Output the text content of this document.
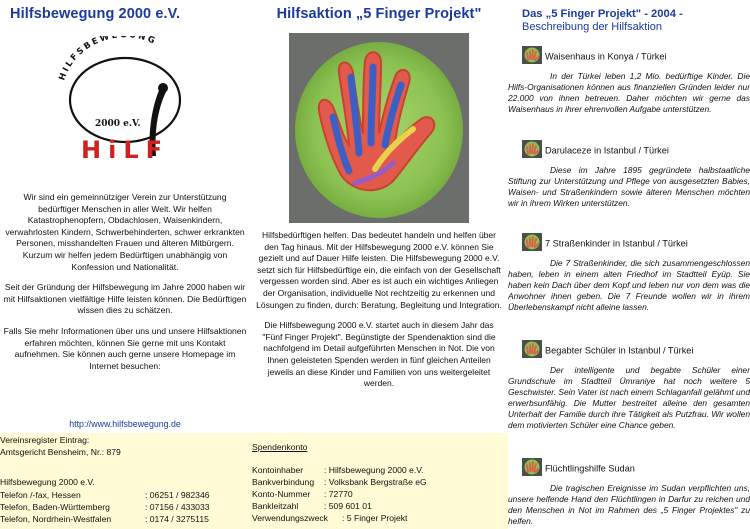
Hilfsbewegung 2000 e.V.
HILFSBEW NG
2000 e.V.
HiLF

Wir sind ein gemeinnütziger Verein zur Unterstützung bedürftiger Menschen in aller Welt. Wir helfen Katastrophenopfern, Obdachlosen, Waisenkindern, verwahrlosten Kindern, Schwerbehinderten, schwer erkrankten Personen, misshandelten Frauen und älteren Mitbürgern. Kurzum wir helfen jedem Bedürftigen unabhängig von Konfession und Nationalität.

Seit der Gründung der Hilfsbewegung im Jahre 2000 haben wir mit Hilfsaktionen vielfältige Hilfe leisten können. Die Bedürftigen wissen dies zu schätzen.

Falls Sie mehr Informationen über uns und unsere Hilfsaktionen erfahren möchten, können Sie gerne mit uns Kontakt aufnehmen. Sie können auch gerne unsere Homepage im Internet besuchen:

http://www.hilfsbewegung.de
Vereinsregister Eintrag:
Amtsgericht Bensheim, Nr.: 879
Hilfsbewegung 2000 e.V.
Telefon /-fax, Hessen	: 06251 / 982346
Telefon, Baden-Württemberg	: 07156 / 433033
Telefon, Nordrhein-Westfalen	: 0174 / 3275115
Hilfsaktion „5 Finger Projekt"

Hilfsbedürftigen helfen. Das bedeutet handeln und helfen über den Tag hinaus. Mit der Hilfsbewegung 2000 e.V. können Sie gezielt und auf Dauer Hilfe leisten. Die Hilfsbewegung 2000 e.V. setzt sich für Hilfsbedürftige ein, die einfach von der Gesellschaft vergessen worden sind. Aber es ist auch ein wichtiges Anliegen der Organisation, individuelle Not rechtzeitig zu erkennen und Lösungen zu finden, durch: Beratung, Begleitung und Integration.

Die Hilfsbewegung 2000 e.V. startet auch in diesem Jahr das "Fünf Finger Projekt". Begünstigte der Spendenaktion sind die nachfolgend im Detail aufgeführten Menschen in Not. Die von Ihnen geleisteten Spenden werden in fünf gleichen Anteilen jeweils an diese Kinder und Familien von uns weitergeleitet werden.

Spendenkonto
Kontoinhaber : Hilfsbewegung 2000 e.V.
Bankverbindung : Volksbank Bergstraße eG
Konto-Nummer : 72770
Bankleitzahl	: 509 601 01
Verwendungszweck : 5 Finger Projekt
Das „5 Finger Projekt" - 2004 -
Beschreibung der Hilfsaktion
Waisenhaus in Konya / Türkei
In der Türkei leben 1,2 Mio. bedürftige Kinder. Die Hilfs-Organisationen können aus finanziellen Gründen leider nur 22.000 von ihnen betreuen. Daher möchten wir gerne das Waisenhaus in ihrer ehrenvollen Aufgabe unterstützen.
Darulaceze in Istanbul / Türkei
Diese im Jahre 1895 gegründete halbstaatliche Stiftung zur Unterstützung und Pflege von ausgesetzten Babies, Waisen- und Straßenkindern sowie älteren Menschen möchten wir in ihrem Wirken unterstützen.
7 Straßenkinder in Istanbul / Türkei
Die 7 Straßenkinder, die sich zusammengeschlossen haben, leben in einem alten Friedhof im Stadtteil Eyüp. Sie haben kein Dach über dem Kopf und leben nur von dem was die Anwohner ihnen geben. Die 7 Freunde wollen wir in ihrem Überlebenskampf nicht alleine lassen.
Begabter Schüler in Istanbul / Türkei
Der intelligente und begabte Schüler einer Grundschule im Stadtteil Ümraniye hat noch weitere 5 Geschwister. Sein Vater ist nach einem Schlaganfall gelähmt und erwerbsunfähig. Die Mutter bestreitet alleine den gesamten Unterhalt der Familie durch ihre Tätigkeit als Putzfrau. Wir wollen dem motivierten Schüler eine Chance geben.
Flüchtlingshilfe Sudan
Die tragischen Ereignisse im Sudan verpflichten uns, unsere helfende Hand den Flüchtlingen in Darfur zu reichen und den Menschen in Not im Rahmen des „5 Finger Projektes" zu helfen.
